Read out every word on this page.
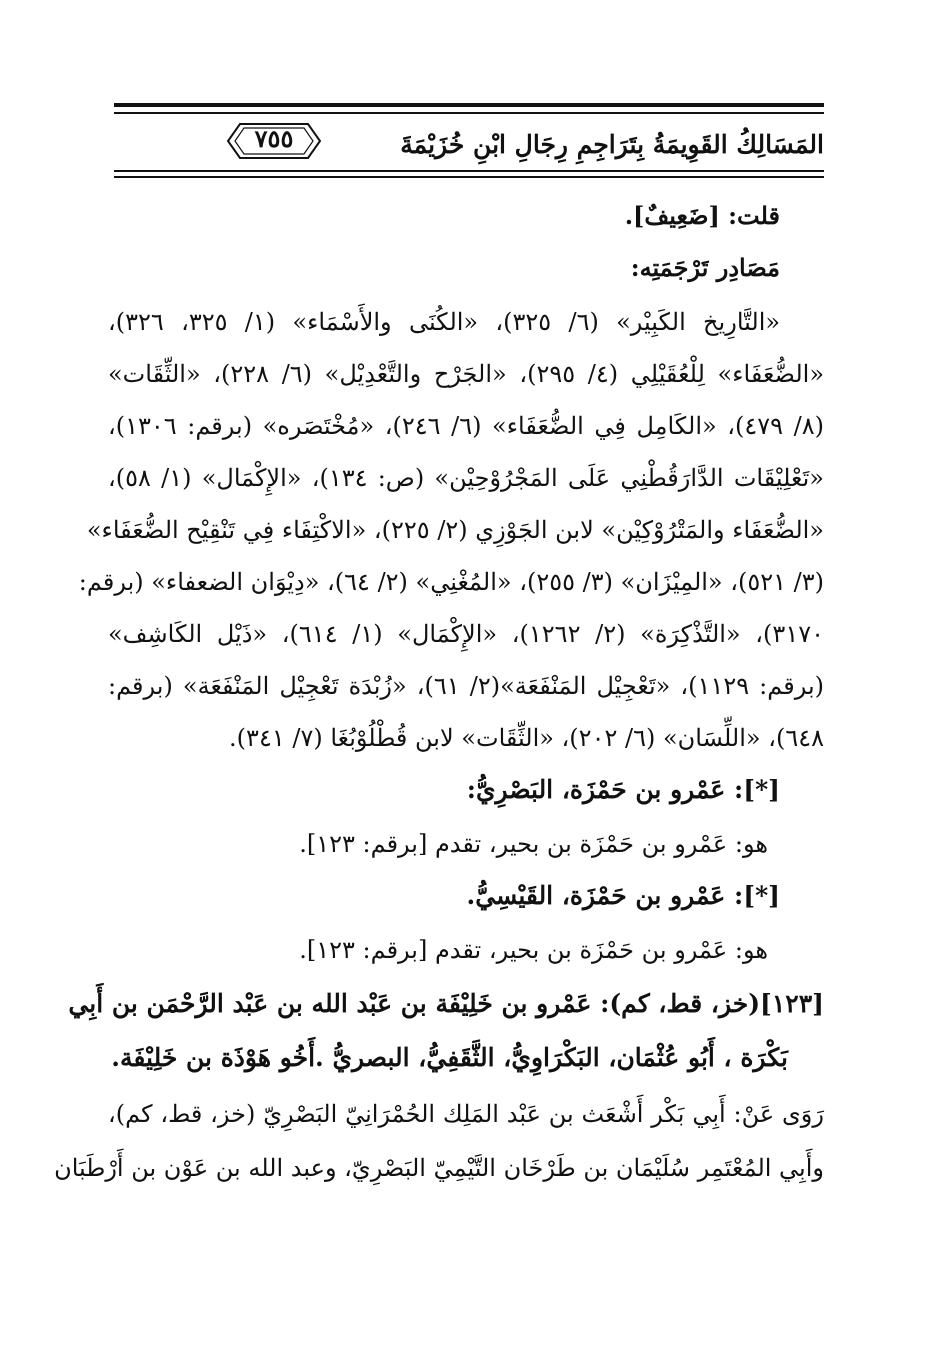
٧٥٥	المَسَالِكُ القَوِيمَةُ بِتَرَاجِمِ رِجَالِ ابْنِ خُزَيْمَةَ
قلت: [ضَعِيفٌ].
مَصَادِر تَرْجَمَتِه:
«التَّارِيخ الكَبِيْر» (٦/ ٣٢٥)، «الكُنَى والأَسْمَاء» (١/ ٣٢٥، ٣٢٦)،
«الضُّعَفَاء» لِلْعُقَيْلِي (٤/ ٢٩٥)، «الجَرْح والتَّعْدِيْل» (٦/ ٢٢٨)، «الثِّقَات»
(٨/ ٤٧٩)، «الكَامِل فِي الضُّعَفَاء» (٦/ ٢٤٦)، «مُخْتَصَره» (برقم: ١٣٠٦)،
«تَعْلِيْقَات الدَّارَقُطْنِي عَلَى المَجْرُوْحِيْن» (ص: ١٣٤)، «الإِكْمَال» (١/ ٥٨)،
«الضُّعَفَاء والمَتْرُوْكِيْن» لابن الجَوْزِي (٢/ ٢٢٥)، «الاكْتِفَاء فِي تَنْقِيْح الضُّعَفَاء»
(٣/ ٥٢١)، «المِيْزَان» (٣/ ٢٥٥)، «المُغْنِي» (٢/ ٦٤)، «دِيْوَان الضعفاء» (برقم:
٣١٧٠)، «التَّذْكِرَة» (٢/ ١٢٦٢)، «الإِكْمَال» (١/ ٦١٤)، «ذَيْل الكَاشِف»
(برقم: ١١٢٩)، «تَعْجِيْل المَنْفَعَة»(٢/ ٦١)، «زُبْدَة تَعْجِيْل المَنْفَعَة» (برقم:
٦٤٨)، «اللِّسَان» (٦/ ٢٠٢)، «الثِّقَات» لابن قُطْلُوْبُغَا (٧/ ٣٤١).
[*]: عَمْرو بن حَمْزَة، البَصْرِيُّ:
هو: عَمْرو بن حَمْزَة بن بحير، تقدم [برقم: ١٢٣].
[*]: عَمْرو بن حَمْزَة، القَيْسِيُّ.
هو: عَمْرو بن حَمْزَة بن بحير، تقدم [برقم: ١٢٣].
[١٢٣](خز، قط، كم): عَمْرو بن خَلِيْفَة بن عَبْد الله بن عَبْد الرَّحْمَن بن أَبِي
بَكْرَة ، أَبُو عُثْمَان، البَكْرَاوِيُّ، الثَّقَفِيُّ، البصريُّ .أَخُو هَوْذَة بن خَلِيْفَة.
رَوَى عَنْ: أَبِي بَكْر أَشْعَث بن عَبْد المَلِك الحُمْرَانِيّ البَصْرِيّ (خز، قط، كم)،
وأَبِي المُعْتَمِر سُلَيْمَان بن طَرْخَان التَّيْمِيّ البَصْرِيّ، وعبد الله بن عَوْن بن أَرْطَبَان
